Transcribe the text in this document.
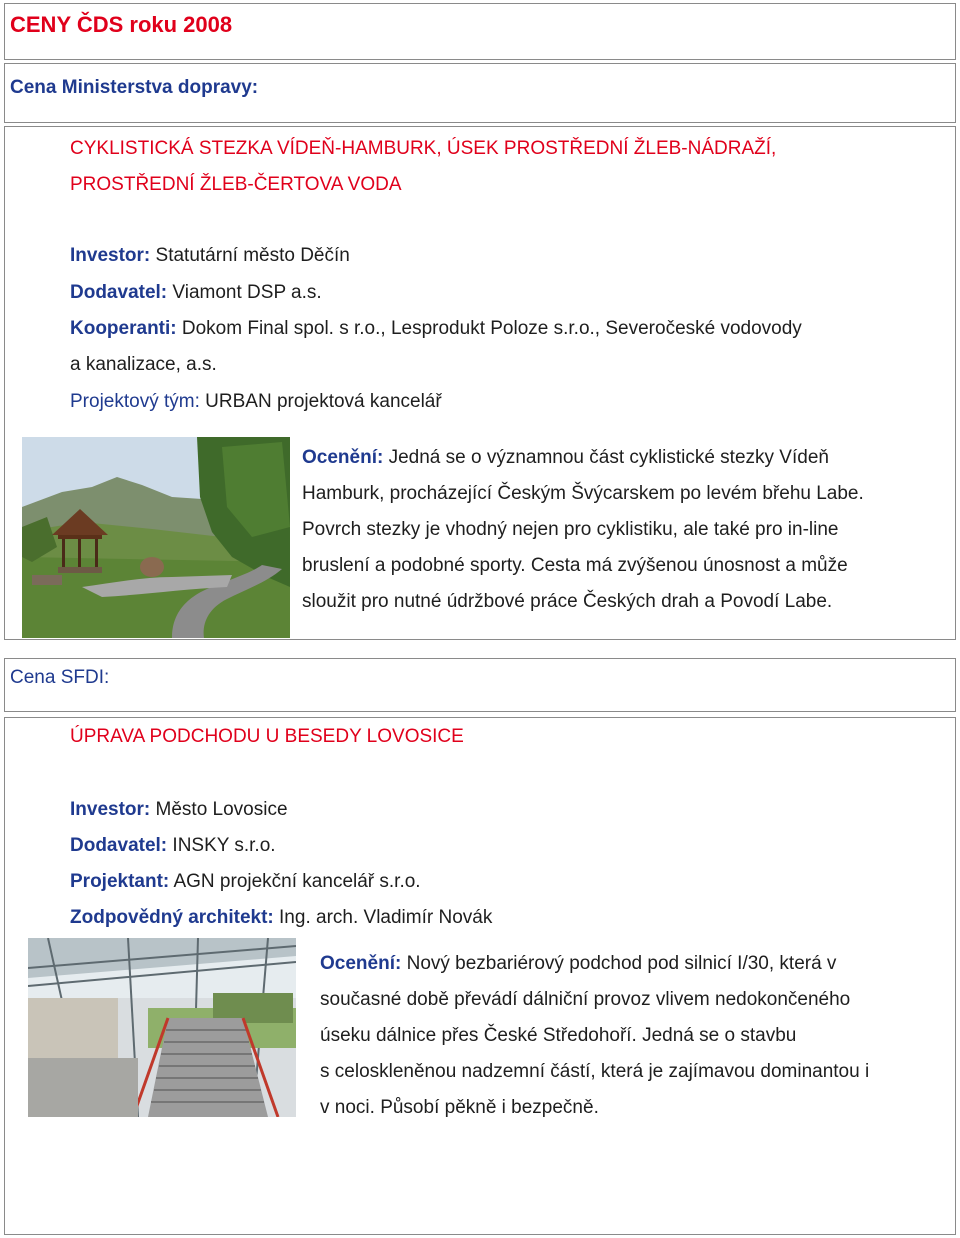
CENY ČDS roku 2008
Cena Ministerstva dopravy:
CYKLISTICKÁ STEZKA VÍDEŇ-HAMBURK, ÚSEK PROSTŘEDNÍ ŽLEB-NÁDRAŽÍ,
PROSTŘEDNÍ ŽLEB-ČERTOVA VODA
Investor: Statutární město Děčín
Dodavatel: Viamont DSP a.s.
Kooperanti: Dokom Final spol. s r.o., Lesprodukt Poloze s.r.o., Severočeské vodovody
a kanalizace, a.s.
Projektový tým: URBAN projektová kancelář
Ocenění: Jedná se o významnou část cyklistické stezky Vídeň
Hamburk, procházející Českým Švýcarskem po levém břehu Labe.
Povrch stezky je vhodný nejen pro cyklistiku, ale také pro in-line
bruslení a podobné sporty. Cesta má zvýšenou únosnost a může
sloužit pro nutné údržbové práce Českých drah a Povodí Labe.
Cena SFDI:
ÚPRAVA PODCHODU U BESEDY LOVOSICE
Investor: Město Lovosice
Dodavatel: INSKY s.r.o.
Projektant: AGN projekční kancelář s.r.o.
Zodpovědný architekt: Ing. arch. Vladimír Novák
Ocenění: Nový bezbariérový podchod pod silnicí I/30, která v
současné době převádí dálniční provoz vlivem nedokončeného
úseku dálnice přes České Středohoří. Jedná se o stavbu
s celoskleněnou nadzemní částí, která je zajímavou dominantou i
v noci. Působí pěkně i bezpečně.
